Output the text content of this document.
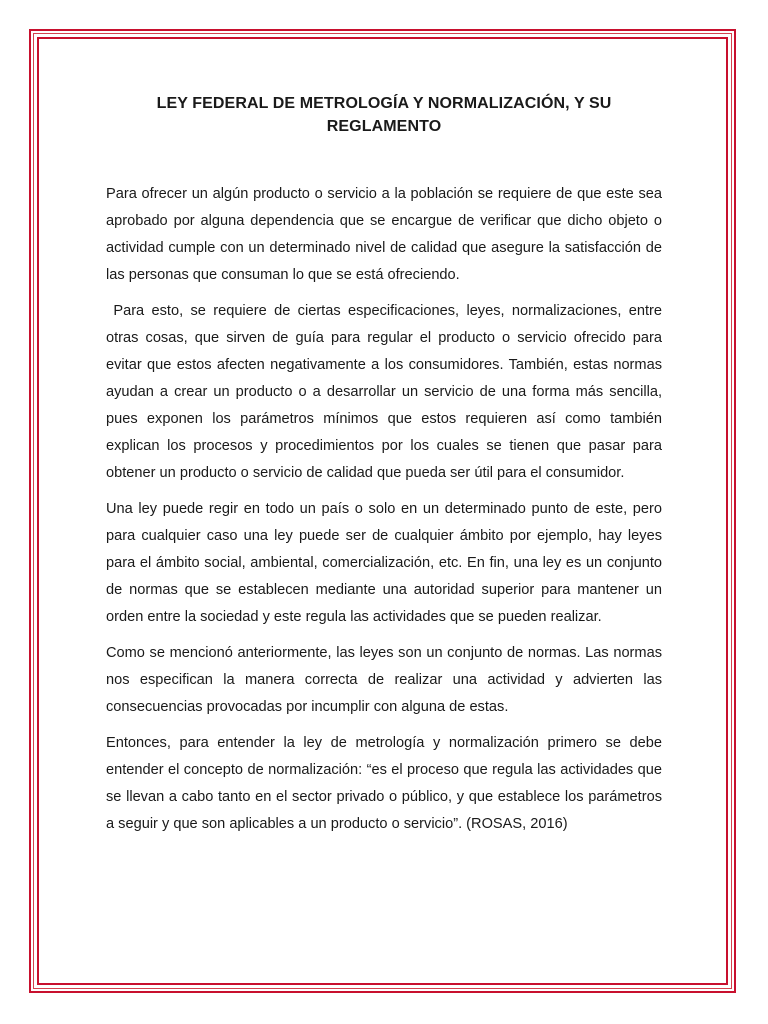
LEY FEDERAL DE METROLOGÍA Y NORMALIZACIÓN, Y SU REGLAMENTO

Para ofrecer un algún producto o servicio a la población se requiere de que este sea aprobado por alguna dependencia que se encargue de verificar que dicho objeto o actividad cumple con un determinado nivel de calidad que asegure la satisfacción de las personas que consuman lo que se está ofreciendo.

Para esto, se requiere de ciertas especificaciones, leyes, normalizaciones, entre otras cosas, que sirven de guía para regular el producto o servicio ofrecido para evitar que estos afecten negativamente a los consumidores. También, estas normas ayudan a crear un producto o a desarrollar un servicio de una forma más sencilla, pues exponen los parámetros mínimos que estos requieren así como también explican los procesos y procedimientos por los cuales se tienen que pasar para obtener un producto o servicio de calidad que pueda ser útil para el consumidor.

Una ley puede regir en todo un país o solo en un determinado punto de este, pero para cualquier caso una ley puede ser de cualquier ámbito por ejemplo, hay leyes para el ámbito social, ambiental, comercialización, etc. En fin, una ley es un conjunto de normas que se establecen mediante una autoridad superior para mantener un orden entre la sociedad y este regula las actividades que se pueden realizar.

Como se mencionó anteriormente, las leyes son un conjunto de normas. Las normas nos especifican la manera correcta de realizar una actividad y advierten las consecuencias provocadas por incumplir con alguna de estas.

Entonces, para entender la ley de metrología y normalización primero se debe entender el concepto de normalización: “es el proceso que regula las actividades que se llevan a cabo tanto en el sector privado o público, y que establece los parámetros a seguir y que son aplicables a un producto o servicio”. (ROSAS, 2016)
